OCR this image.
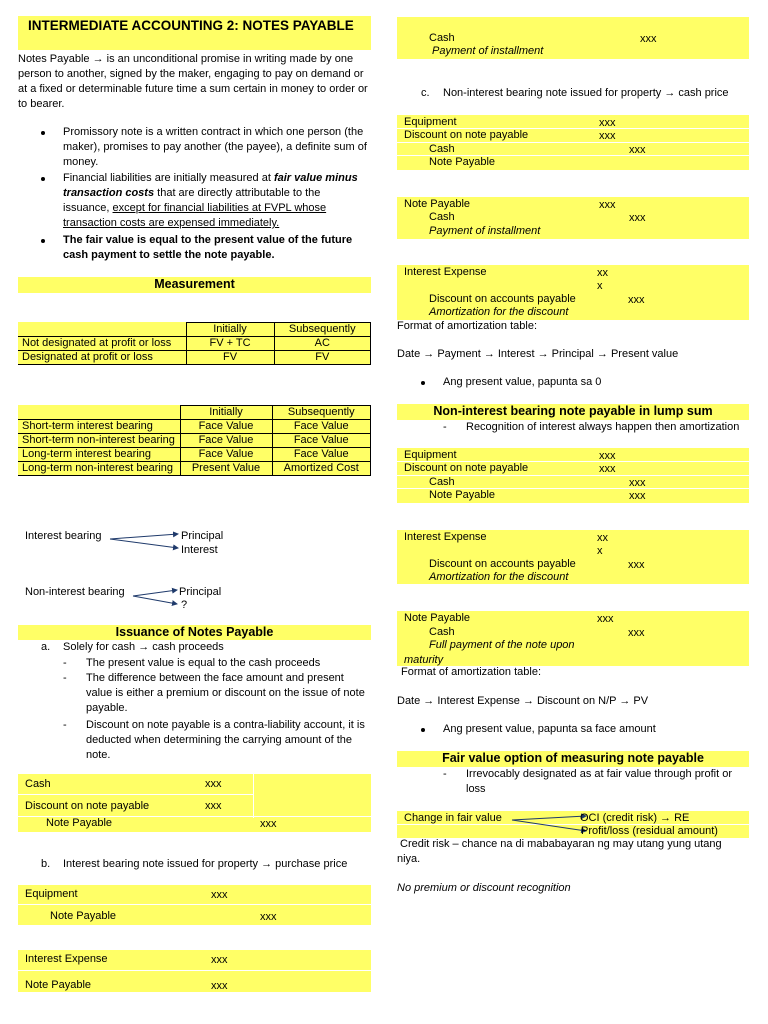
INTERMEDIATE ACCOUNTING 2: NOTES PAYABLE
Notes Payable → is an unconditional promise in writing made by one person to another, signed by the maker, engaging to pay on demand or at a fixed or determinable future time a sum certain in money to order or to bearer.
Promissory note is a written contract in which one person (the maker), promises to pay another (the payee), a definite sum of money.
Financial liabilities are initially measured at fair value minus transaction costs that are directly attributable to the issuance, except for financial liabilities at FVPL whose transaction costs are expensed immediately.
The fair value is equal to the present value of the future cash payment to settle the note payable.
Measurement
	Initially	Subsequently
Not designated at profit or loss	FV + TC	AC
Designated at profit or loss	FV	FV
	Initially	Subsequently
Short-term interest bearing	Face Value	Face Value
Short-term non-interest bearing	Face Value	Face Value
Long-term interest bearing	Face Value	Face Value
Long-term non-interest bearing	Present Value	Amortized Cost
Interest bearing	Principal
Interest
Non-interest bearing	Principal
?
Issuance of Notes Payable
a. Solely for cash → cash proceeds
- The present value is equal to the cash proceeds
- The difference between the face amount and present value is either a premium or discount on the issue of note payable.
- Discount on note payable is a contra-liability account, it is deducted when determining the carrying amount of the note.
Cash	xxx
Discount on note payable	xxx
Note Payable	xxx
b. Interest bearing note issued for property → purchase price
Equipment	xxx
Note Payable	xxx
Interest Expense	xxx
Note Payable	xxx
Cash	xxx
Payment of installment
c. Non-interest bearing note issued for property → cash price
Equipment	xxx
Discount on note payable	xxx
Cash	xxx
Note Payable
Note Payable	xxx
Cash	xxx
Payment of installment
Interest Expense	xx
x
Discount on accounts payable	xxx
Amortization for the discount
Format of amortization table:
Date → Payment → Interest → Principal → Present value
Ang present value, papunta sa 0
Non-interest bearing note payable in lump sum
- Recognition of interest always happen then amortization
Equipment	xxx
Discount on note payable	xxx
Cash	xxx
Note Payable	xxx
Interest Expense	xx
x
Discount on accounts payable	xxx
Amortization for the discount
Note Payable	xxx
Cash	xxx
Full payment of the note upon maturity
Format of amortization table:
Date → Interest Expense → Discount on N/P → PV
Ang present value, papunta sa face amount
Fair value option of measuring note payable
- Irrevocably designated as at fair value through profit or loss
Change in fair value	OCI (credit risk) → RE
Profit/loss (residual amount)
Credit risk – chance na di mababayaran ng may utang yung utang niya.
No premium or discount recognition
